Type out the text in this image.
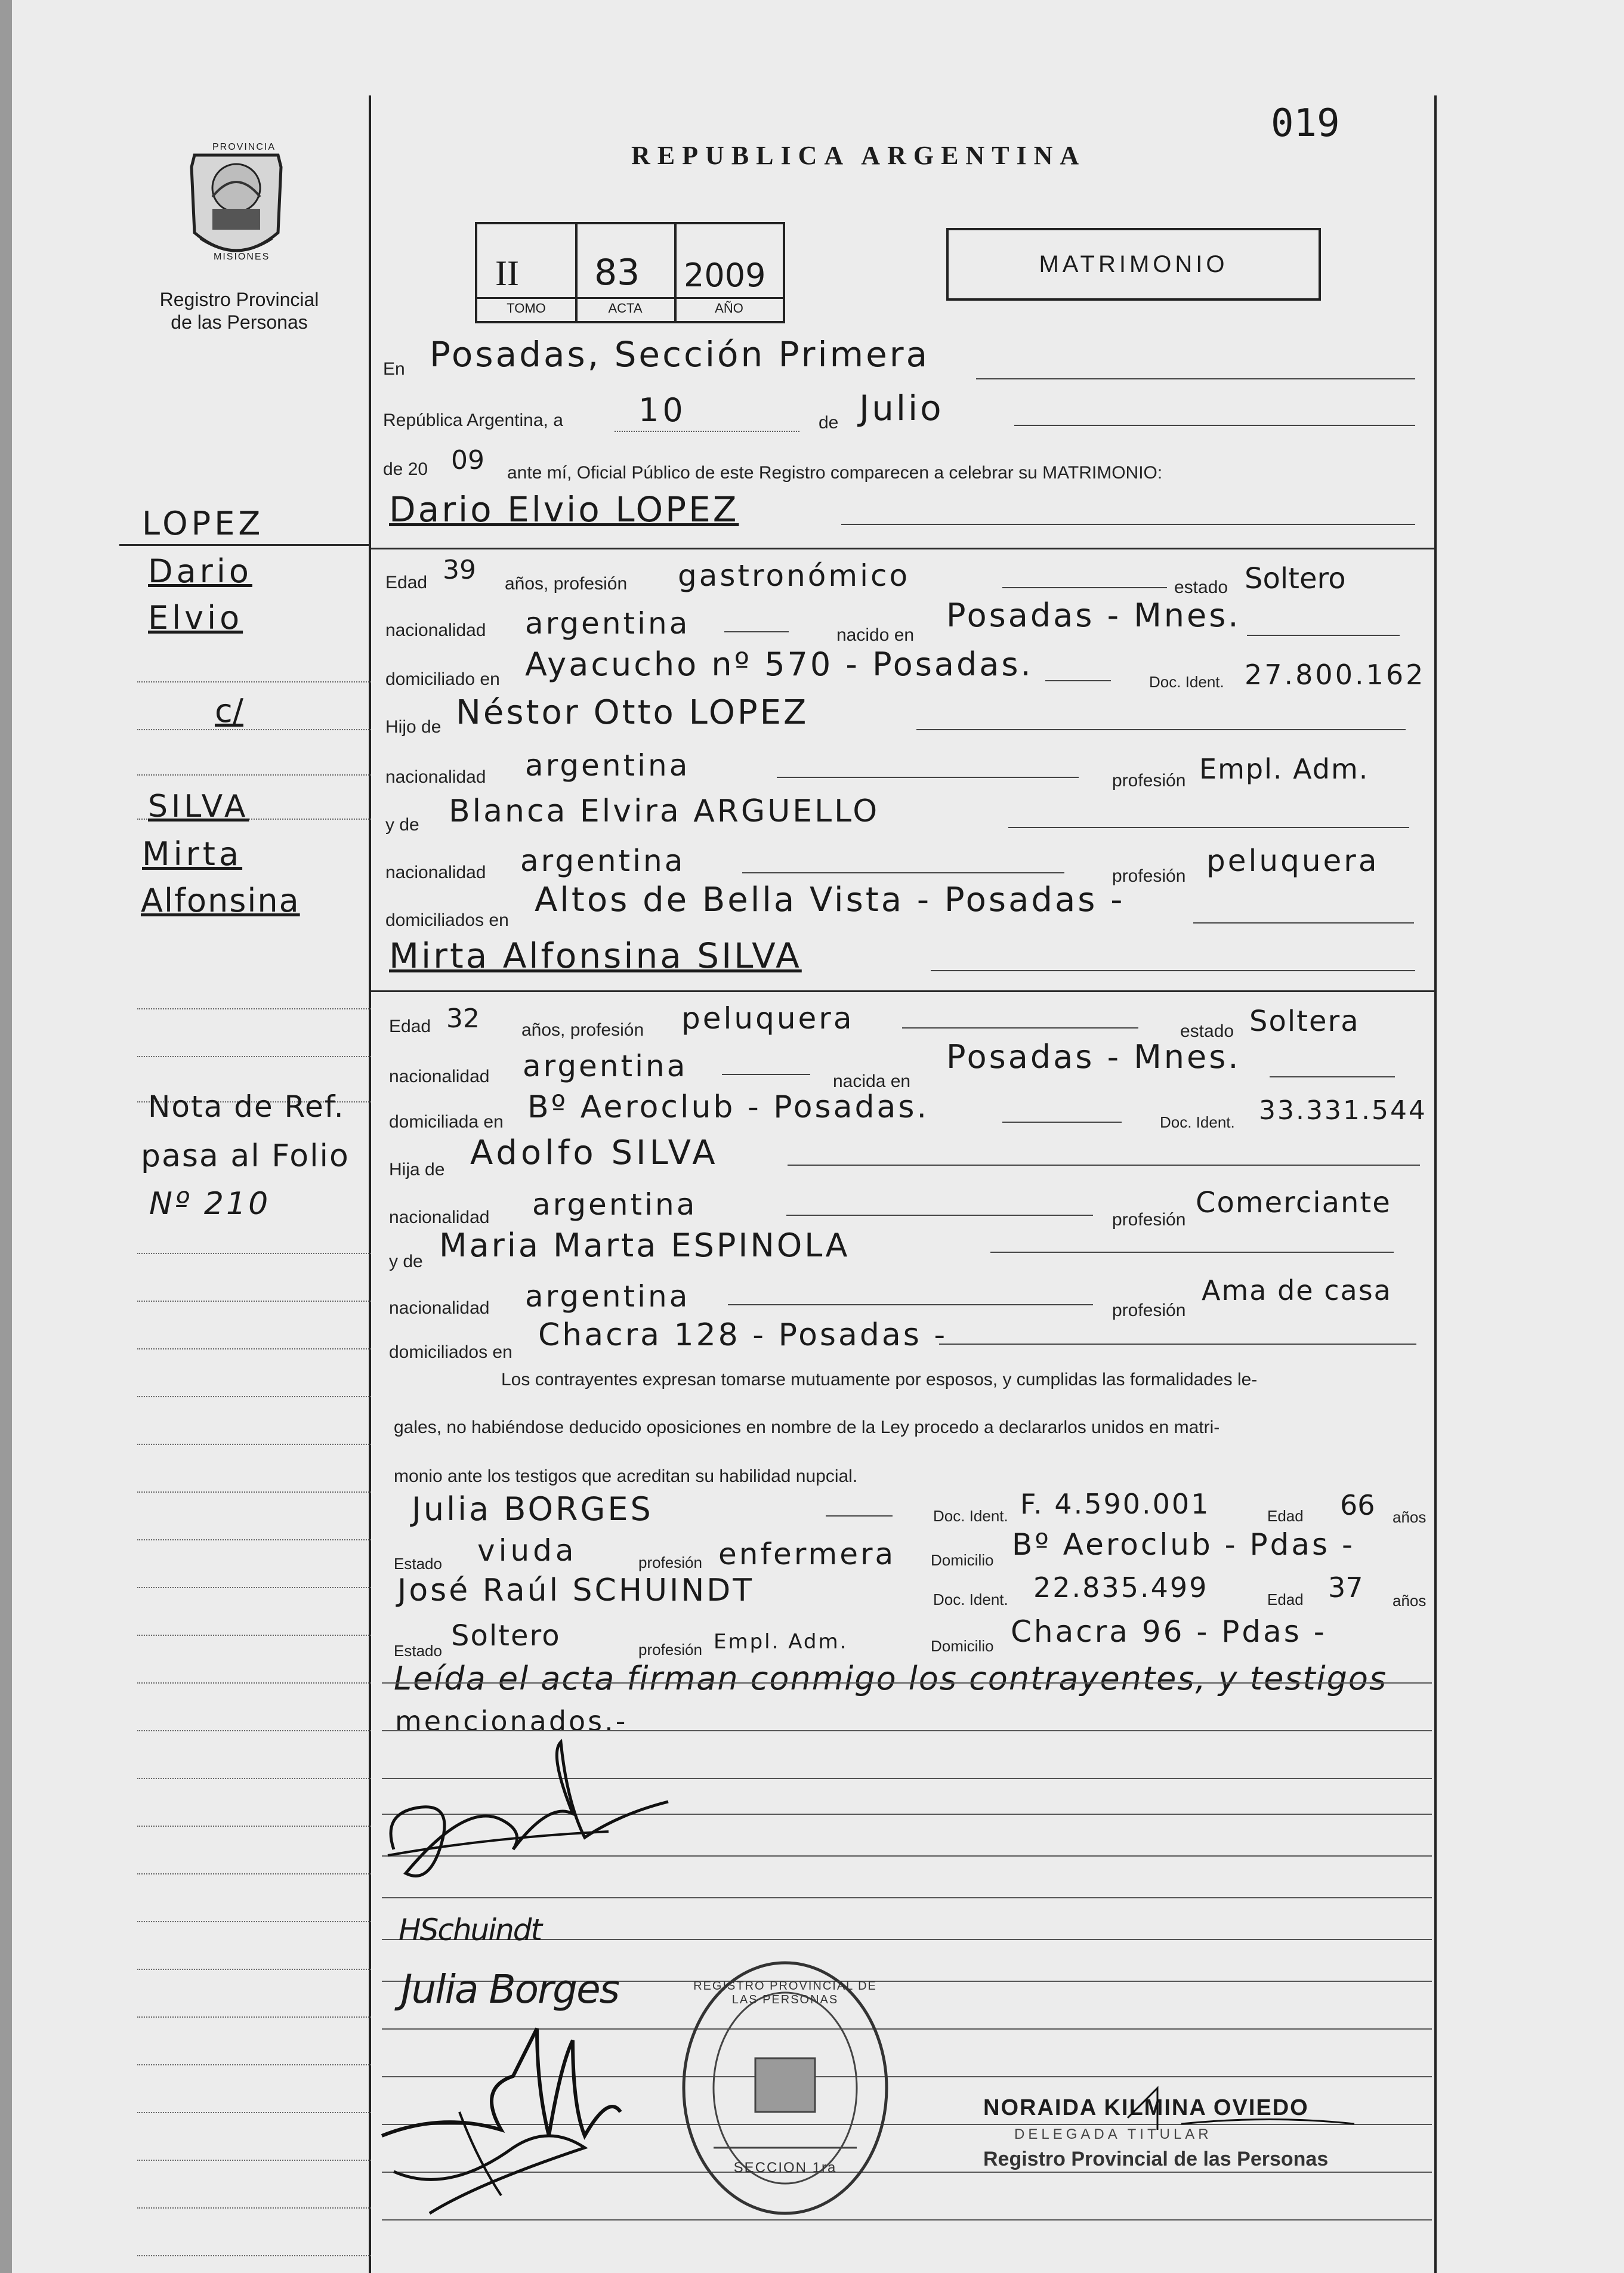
019
PROVINCIA
MISIONES
Registro Provincial
de las Personas
REPUBLICA ARGENTINA
II 83 2009
TOMO	ACTA	AÑO
MATRIMONIO
LOPEZ
Dario
Elvio
c/
SILVA
Mirta
Alfonsina
Nota de Ref.
pasa al Folio
Nº 210
En Posadas, Sección Primera
República Argentina, a 10	de Julio
de 20 09 ante mí, Oficial Público de este Registro comparecen a celebrar su MATRIMONIO:
Dario Elvio LOPEZ
Edad 39 años, profesión gastronómico	estado Soltero
nacionalidad argentina	nacido en
Posadas - Mnes.
domiciliado en Ayacucho nº 570 - Posadas.	Doc. Ident. 27.800.162
Hijo de Néstor Otto LOPEZ
nacionalidad argentina	profesión Empl. Adm.
y de Blanca Elvira ARGUELLO
nacionalidad argentina	profesión peluquera
domiciliados en
Altos de Bella Vista - Posadas -
Mirta Alfonsina SILVA
Edad 32 años, profesión peluquera	estado Soltera
nacionalidad argentina	nacida en
Posadas - Mnes.
domiciliada en Bº Aeroclub - Posadas.	Doc. Ident. 33.331.544
Hija de Adolfo SILVA
nacionalidad argentina	profesión
Comerciante
y de Maria Marta ESPINOLA
nacionalidad argentina	profesión
Ama de casa
domiciliados en Chacra 128 - Posadas -
Los contrayentes expresan tomarse mutuamente por esposos, y cumplidas las formalidades le-
gales, no habiéndose deducido oposiciones en nombre de la Ley procedo a declararlos unidos en matri-
monio ante los testigos que acreditan su habilidad nupcial.
Julia BORGES	Doc. Ident. F. 4.590.001	Edad 66 años
Estado viuda	profesión enfermera Domicilio Bº Aeroclub - Pdas -
José Raúl SCHUINDT	Doc. Ident. 22.835.499	Edad 37 años
Estado Soltero	profesión Empl. Adm.	Domicilio Chacra 96 - Pdas -
Leída el acta firman conmigo los contrayentes, y testigos
mencionados.-
HSchuindt
Julia Borges	REGISTRO PROVINCIAL DE LAS PERSONAS
SECCION 1ra
NORAIDA KILMINA OVIEDO
DELEGADA TITULAR
Registro Provincial de las Personas
